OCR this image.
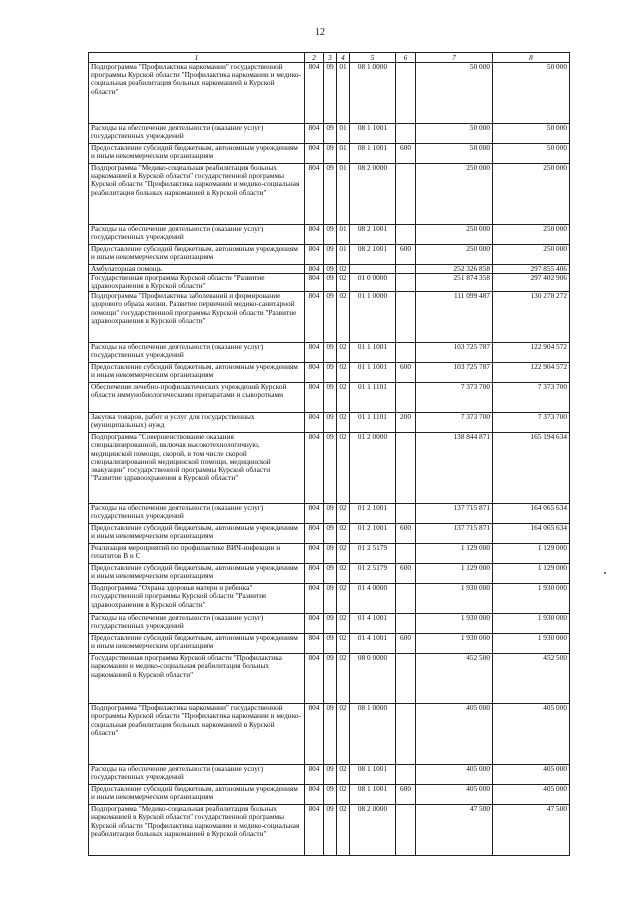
12
1	2	3	4	5	6	7	8
Подпрограмма "Профилактика наркомании" государственной программы Курской области "Профилактика наркомании и медико-социальная реабилитация больных наркоманией в Курской области"	804	09	01	08 1 0000		50 000	50 000
Расходы на обеспечение деятельности (оказание услуг) государственных учреждений	804	09	01	08 1 1001		50 000	50 000
Предоставление субсидий бюджетным, автономным учреждениям и иным некоммерческим организациям	804	09	01	08 1 1001	600	50 000	50 000
Подпрограмма "Медико-социальная реабилитация больных наркоманией в Курской области" государственной программы Курской области "Профилактика наркомании и медико-социальная реабилитация больных наркоманией в Курской области"	804	09	01	08 2 0000		250 000	250 000
Расходы на обеспечение деятельности (оказание услуг) государственных учреждений	804	09	01	08 2 1001		250 000	250 000
Предоставление субсидий бюджетным, автономным учреждениям и иным некоммерческим организациям	804	09	01	08 2 1001	600	250 000	250 000
Амбулаторная помощь	804	09	02			252 326 858	297 855 406
Государственная программа Курской области "Развитие здравоохранения в Курской области"	804	09	02	01 0 0000		251 874 358	297 402 906
Подпрограмма "Профилактика заболеваний и формирование здорового образа жизни. Развитие первичной медико-санитарной помощи" государственной программы Курской области "Развитие здравоохранения в Курской области"	804	09	02	01 1 0000		111 099 487	130 278 272
Расходы на обеспечение деятельности (оказание услуг) государственных учреждений	804	09	02	01 1 1001		103 725 787	122 904 572
Предоставление субсидий бюджетным, автономным учреждениям и иным некоммерческим организациям	804	09	02	01 1 1001	600	103 725 787	122 904 572
Обеспечение лечебно-профилактических учреждений Курской области иммунобиологическими препаратами и сыворотками	804	09	02	01 1 1101		7 373 700	7 373 700
Закупка товаров, работ и услуг для государственных (муниципальных) нужд	804	09	02	01 1 1101	200	7 373 700	7 373 700
Подпрограмма "Совершенствование оказания специализированной, включая высокотехнологичную, медицинской помощи, скорой, в том числе скорой специализированной медицинской помощи, медицинской эвакуации" государственной программы Курской области "Развитие здравоохранения в Курской области"	804	09	02	01 2 0000		138 844 871	165 194 634
Расходы на обеспечение деятельности (оказание услуг) государственных учреждений	804	09	02	01 2 1001		137 715 871	164 065 634
Предоставление субсидий бюджетным, автономным учреждениям и иным некоммерческим организациям	804	09	02	01 2 1001	600	137 715 871	164 065 634
Реализация мероприятий по профилактике ВИЧ-инфекции и гепатитов В и С	804	09	02	01 2 5179		1 129 000	1 129 000
Предоставление субсидий бюджетным, автономным учреждениям и иным некоммерческим организациям	804	09	02	01 2 5179	600	1 129 000	1 129 000
Подпрограмма "Охрана здоровья матери и ребенка" государственной программы Курской области "Развитие здравоохранения в Курской области"	804	09	02	01 4 0000		1 930 000	1 930 000
Расходы на обеспечение деятельности (оказание услуг) государственных учреждений	804	09	02	01 4 1001		1 930 000	1 930 000
Предоставление субсидий бюджетным, автономным учреждениям и иным некоммерческим организациям	804	09	02	01 4 1001	600	1 930 000	1 930 000
Государственная программа Курской области "Профилактика наркомании и медико-социальная реабилитация больных наркоманией в Курской области"	804	09	02	08 0 0000		452 500	452 500
Подпрограмма "Профилактика наркомании" государственной программы Курской области "Профилактика наркомании и медико-социальная реабилитация больных наркоманией в Курской области"	804	09	02	08 1 0000		405 000	405 000
Расходы на обеспечение деятельности (оказание услуг) государственных учреждений	804	09	02	08 1 1001		405 000	405 000
Предоставление субсидий бюджетным, автономным учреждениям и иным некоммерческим организациям	804	09	02	08 1 1001	600	405 000	405 000
Подпрограмма "Медико-социальная реабилитация больных наркоманией в Курской области" государственной программы Курской области "Профилактика наркомании и медико-социальная реабилитация больных наркоманией в Курской области"	804	09	02	08 2 0000		47 500	47 500
